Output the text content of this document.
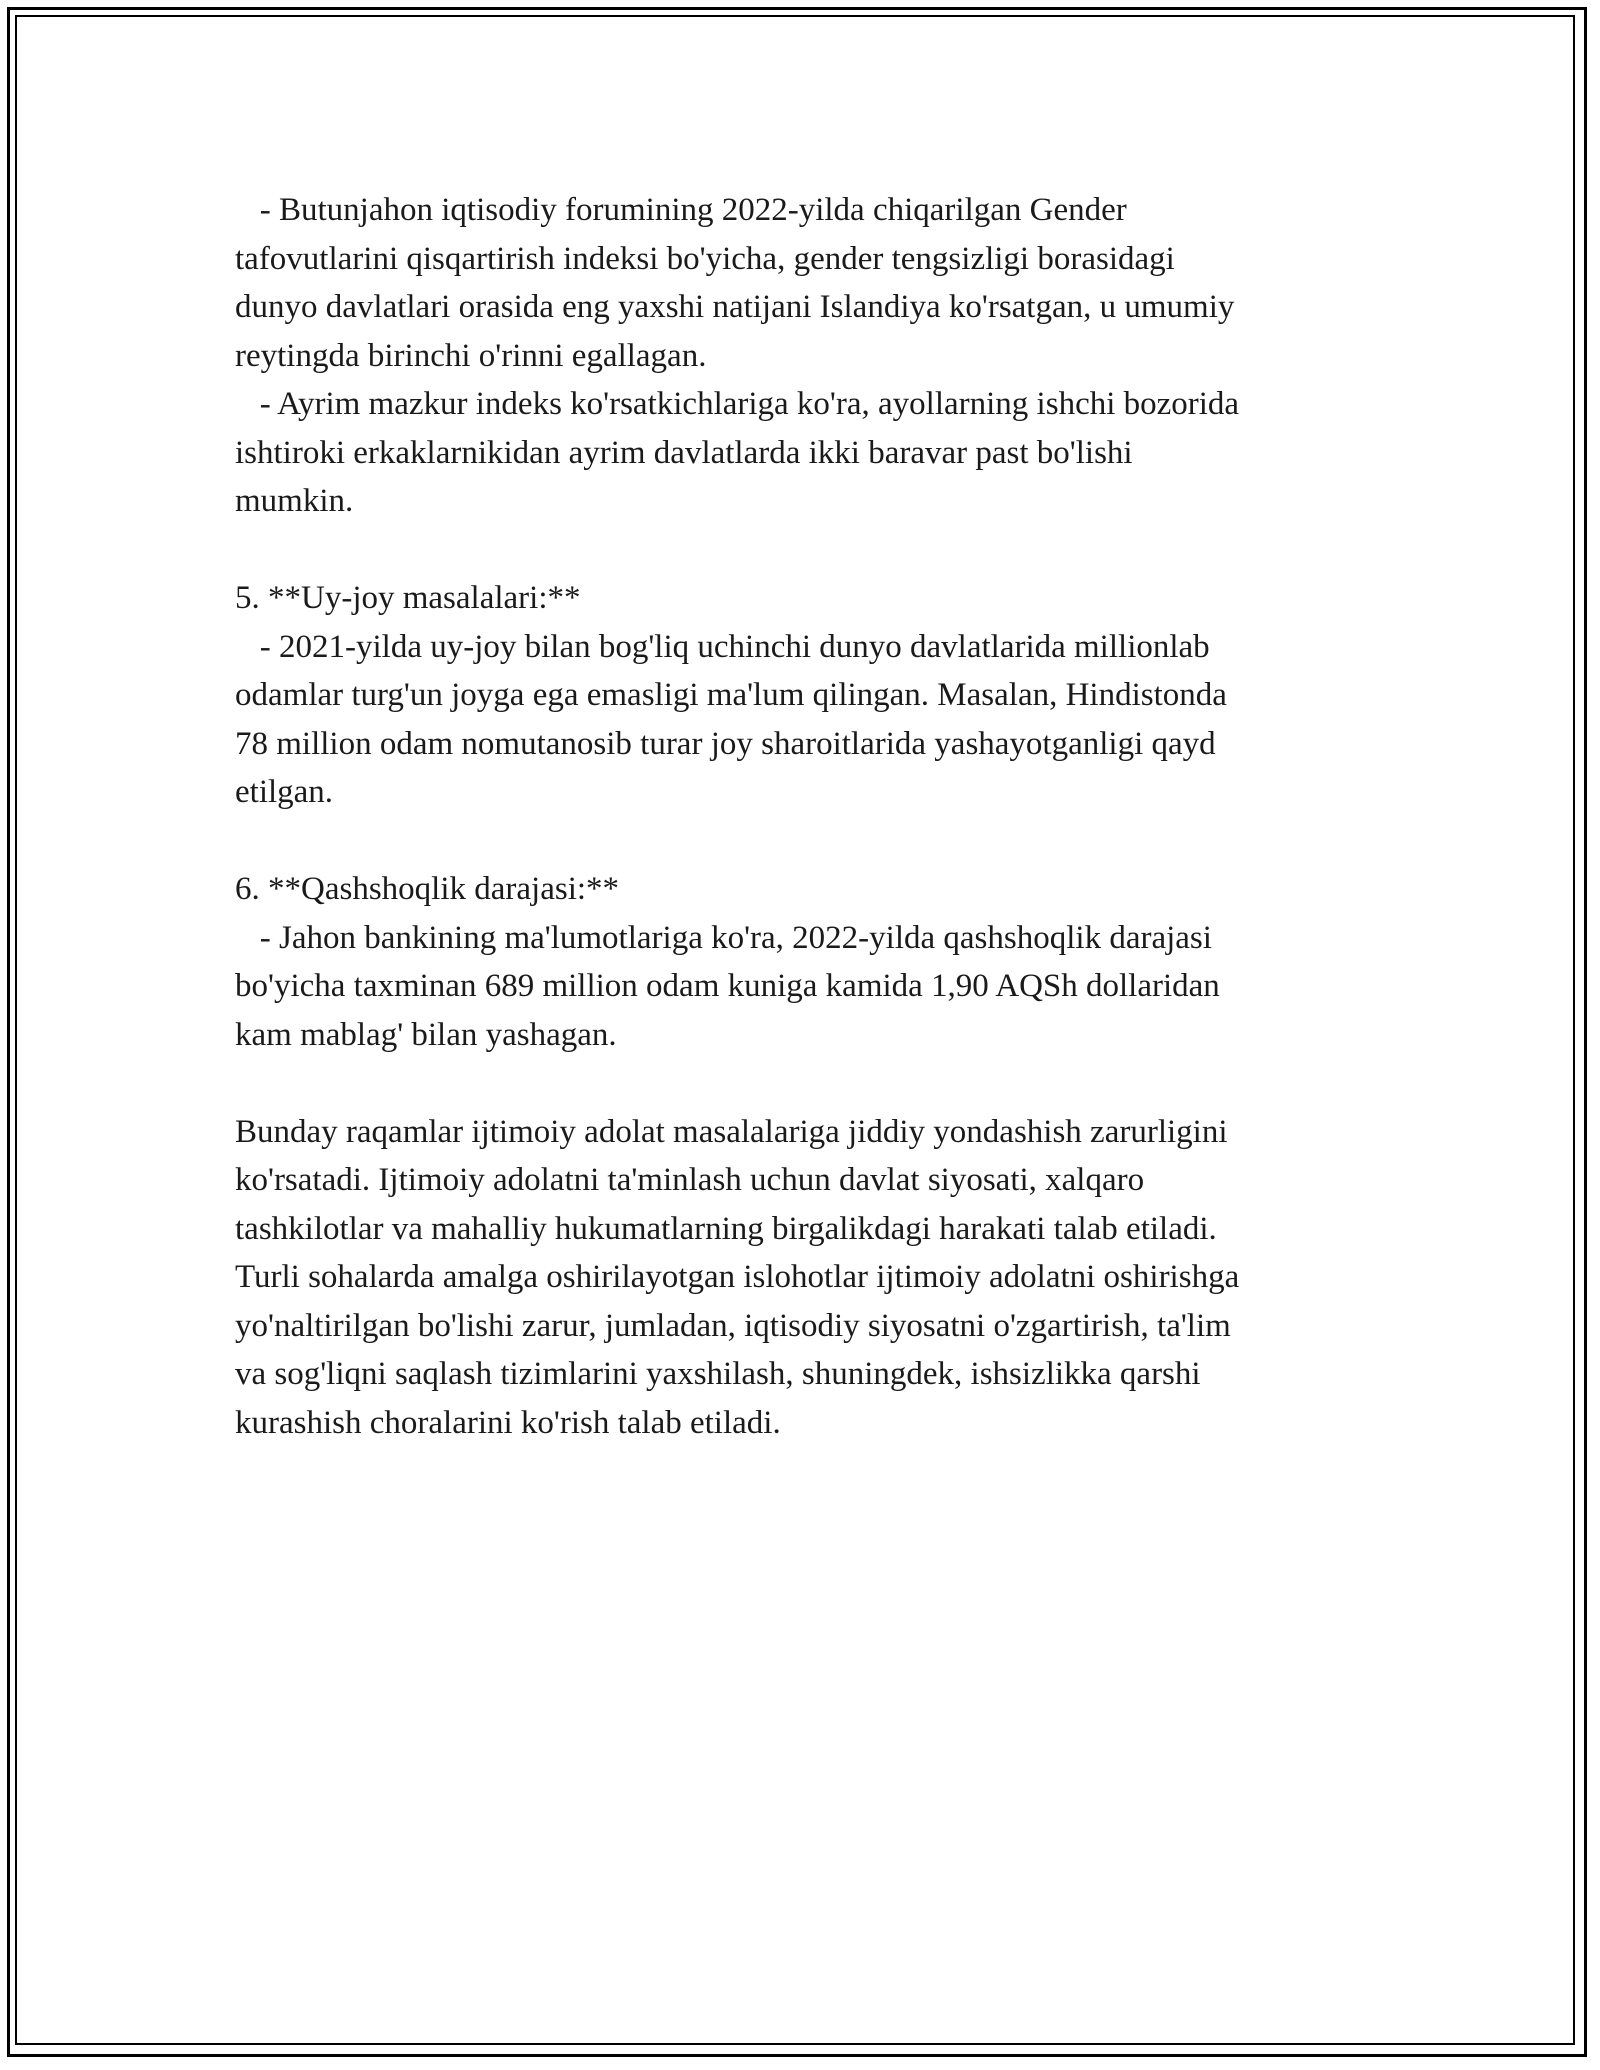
- Butunjahon iqtisodiy forumining 2022-yilda chiqarilgan Gender
tafovutlarini qisqartirish indeksi bo'yicha, gender tengsizligi borasidagi
dunyo davlatlari orasida eng yaxshi natijani Islandiya ko'rsatgan, u umumiy
reytingda birinchi o'rinni egallagan.
- Ayrim mazkur indeks ko'rsatkichlariga ko'ra, ayollarning ishchi bozorida
ishtiroki erkaklarnikidan ayrim davlatlarda ikki baravar past bo'lishi
mumkin.
5. **Uy-joy masalalari:**
- 2021-yilda uy-joy bilan bog'liq uchinchi dunyo davlatlarida millionlab
odamlar turg'un joyga ega emasligi ma'lum qilingan. Masalan, Hindistonda
78 million odam nomutanosib turar joy sharoitlarida yashayotganligi qayd
etilgan.
6. **Qashshoqlik darajasi:**
- Jahon bankining ma'lumotlariga ko'ra, 2022-yilda qashshoqlik darajasi
bo'yicha taxminan 689 million odam kuniga kamida 1,90 AQSh dollaridan
kam mablag' bilan yashagan.
Bunday raqamlar ijtimoiy adolat masalalariga jiddiy yondashish zarurligini
ko'rsatadi. Ijtimoiy adolatni ta'minlash uchun davlat siyosati, xalqaro
tashkilotlar va mahalliy hukumatlarning birgalikdagi harakati talab etiladi.
Turli sohalarda amalga oshirilayotgan islohotlar ijtimoiy adolatni oshirishga
yo'naltirilgan bo'lishi zarur, jumladan, iqtisodiy siyosatni o'zgartirish, ta'lim
va sog'liqni saqlash tizimlarini yaxshilash, shuningdek, ishsizlikka qarshi
kurashish choralarini ko'rish talab etiladi.
